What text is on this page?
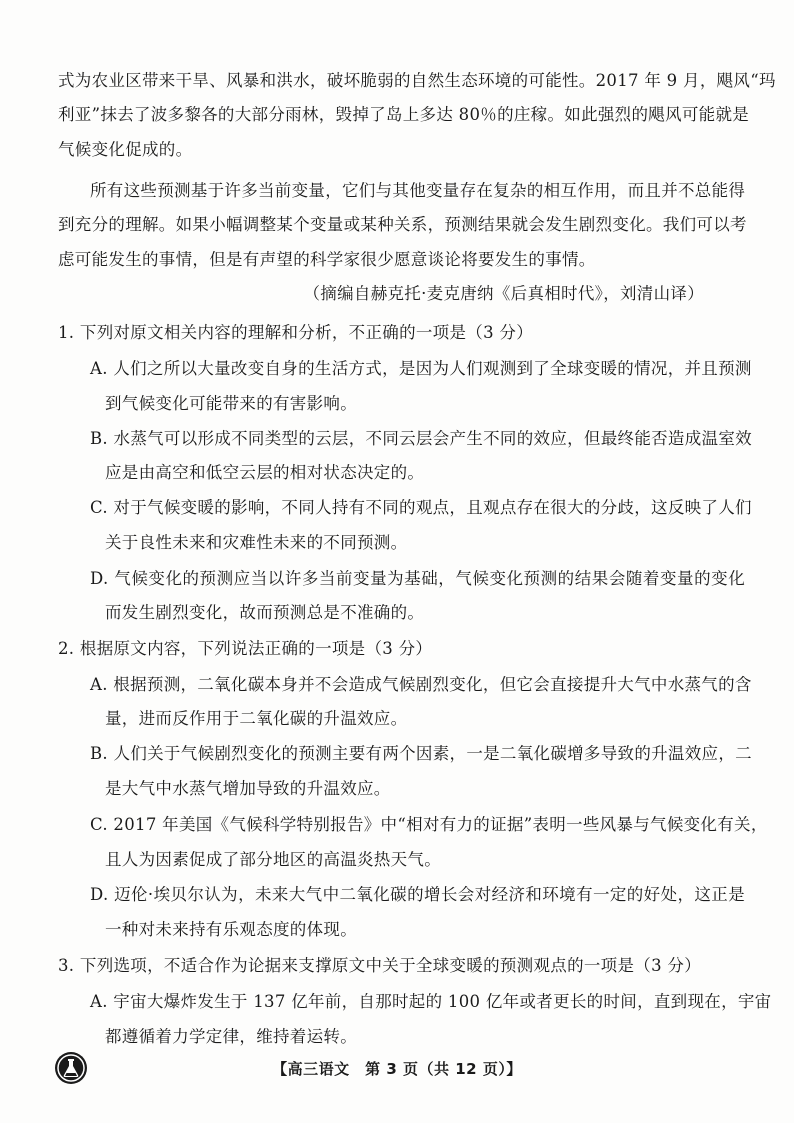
式为农业区带来干旱、风暴和洪水，破坏脆弱的自然生态环境的可能性。2017 年 9 月，飓风“玛
利亚”抹去了波多黎各的大部分雨林，毁掉了岛上多达 80％的庄稼。如此强烈的飓风可能就是
气候变化促成的。
所有这些预测基于许多当前变量，它们与其他变量存在复杂的相互作用，而且并不总能得
到充分的理解。如果小幅调整某个变量或某种关系，预测结果就会发生剧烈变化。我们可以考
虑可能发生的事情，但是有声望的科学家很少愿意谈论将要发生的事情。
（摘编自赫克托·麦克唐纳《后真相时代》，刘清山译）
1. 下列对原文相关内容的理解和分析，不正确的一项是（3 分）
A. 人们之所以大量改变自身的生活方式，是因为人们观测到了全球变暖的情况，并且预测
到气候变化可能带来的有害影响。
B. 水蒸气可以形成不同类型的云层，不同云层会产生不同的效应，但最终能否造成温室效
应是由高空和低空云层的相对状态决定的。
C. 对于气候变暖的影响，不同人持有不同的观点，且观点存在很大的分歧，这反映了人们
关于良性未来和灾难性未来的不同预测。
D. 气候变化的预测应当以许多当前变量为基础，气候变化预测的结果会随着变量的变化
而发生剧烈变化，故而预测总是不准确的。
2. 根据原文内容，下列说法正确的一项是（3 分）
A. 根据预测，二氧化碳本身并不会造成气候剧烈变化，但它会直接提升大气中水蒸气的含
量，进而反作用于二氧化碳的升温效应。
B. 人们关于气候剧烈变化的预测主要有两个因素，一是二氧化碳增多导致的升温效应，二
是大气中水蒸气增加导致的升温效应。
C. 2017 年美国《气候科学特别报告》中“相对有力的证据”表明一些风暴与气候变化有关，
且人为因素促成了部分地区的高温炎热天气。
D. 迈伦·埃贝尔认为，未来大气中二氧化碳的增长会对经济和环境有一定的好处，这正是
一种对未来持有乐观态度的体现。
3. 下列选项，不适合作为论据来支撑原文中关于全球变暖的预测观点的一项是（3 分）
A. 宇宙大爆炸发生于 137 亿年前，自那时起的 100 亿年或者更长的时间，直到现在，宇宙
都遵循着力学定律，维持着运转。
【高三语文　第 3 页（共 12 页）】
